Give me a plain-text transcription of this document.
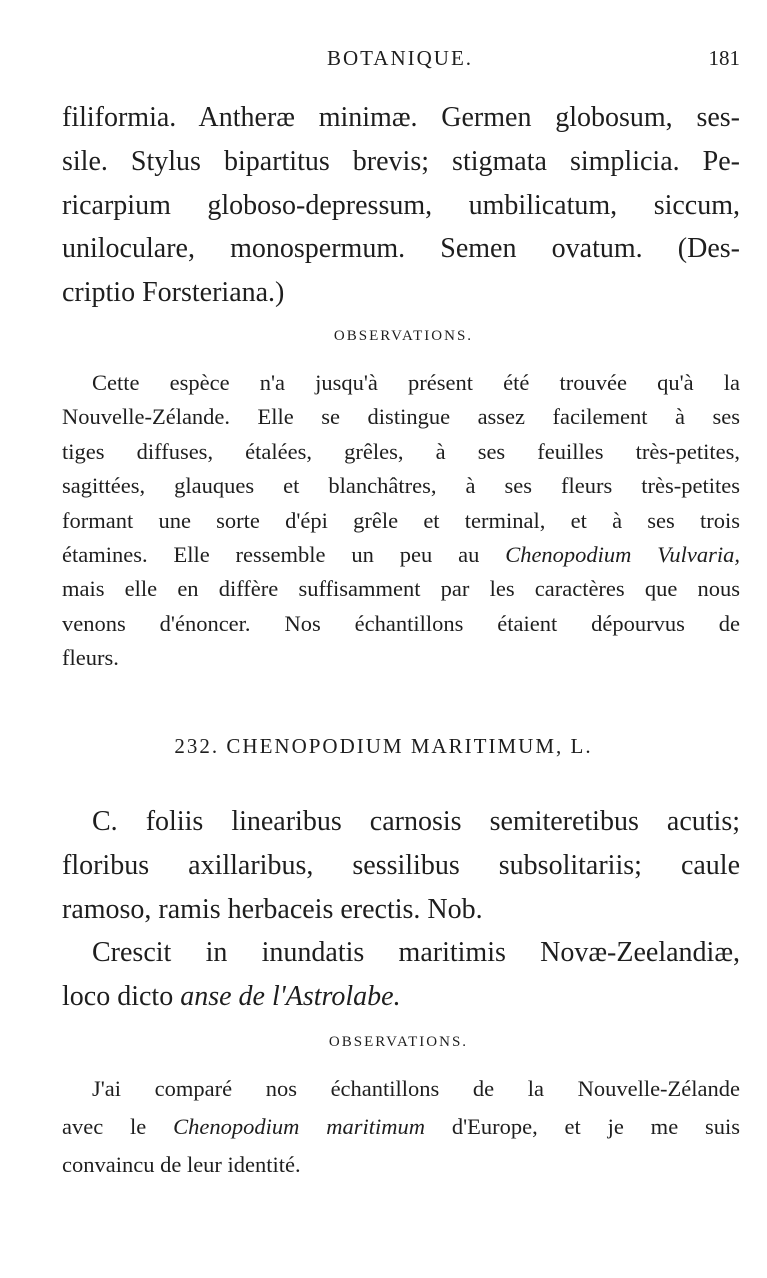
BOTANIQUE.	181
filiformia. Antheræ minimæ. Germen globosum, ses-
sile. Stylus bipartitus brevis; stigmata simplicia. Pe-
ricarpium globoso-depressum, umbilicatum, siccum,
uniloculare, monospermum. Semen ovatum. (Des-
criptio Forsteriana.)
OBSERVATIONS.
Cette espèce n'a jusqu'à présent été trouvée qu'à la
Nouvelle-Zélande. Elle se distingue assez facilement à ses
tiges diffuses, étalées, grêles, à ses feuilles très-petites,
sagittées, glauques et blanchâtres, à ses fleurs très-petites
formant une sorte d'épi grêle et terminal, et à ses trois
étamines. Elle ressemble un peu au Chenopodium Vulvaria,
mais elle en diffère suffisamment par les caractères que nous
venons d'énoncer. Nos échantillons étaient dépourvus de
fleurs.
232. CHENOPODIUM MARITIMUM, L.
C. foliis linearibus carnosis semiteretibus acutis;
floribus axillaribus, sessilibus subsolitariis; caule
ramoso, ramis herbaceis erectis. Nob.
Crescit in inundatis maritimis Novæ-Zeelandiæ,
loco dicto anse de l'Astrolabe.
OBSERVATIONS.
J'ai comparé nos échantillons de la Nouvelle-Zélande
avec le Chenopodium maritimum d'Europe, et je me suis
convaincu de leur identité.
